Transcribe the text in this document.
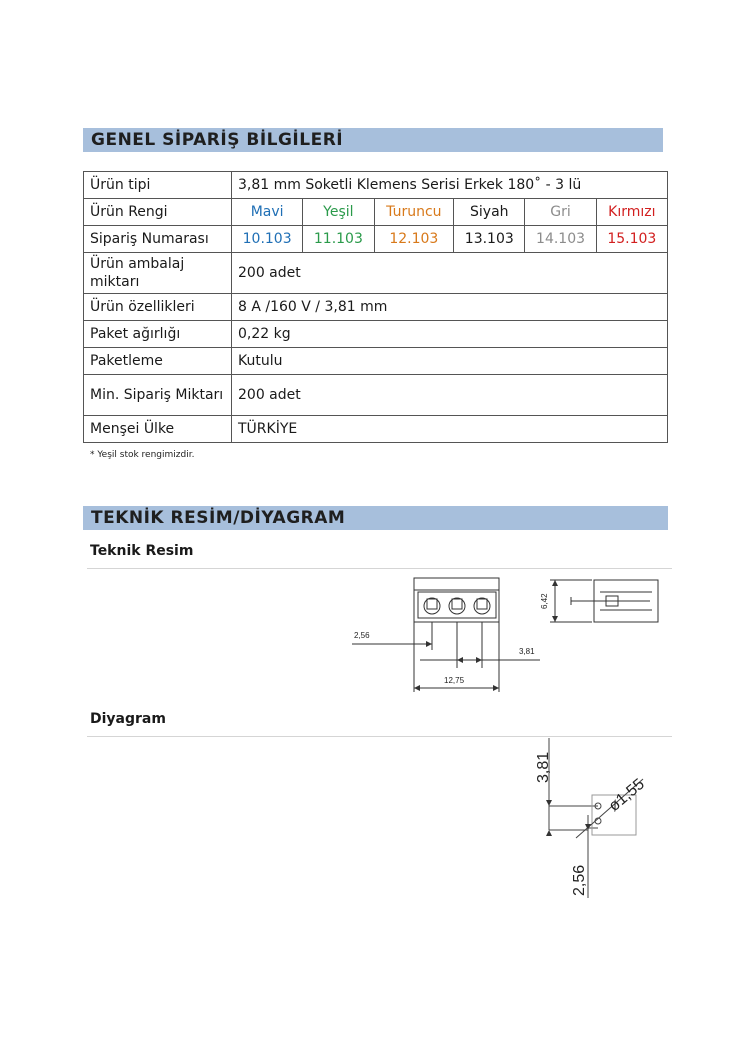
GENEL SİPARİŞ BİLGİLERİ
Ürün tipi	3,81 mm Soketli Klemens Serisi Erkek 180˚ - 3 lü					
Ürün Rengi	Mavi	Yeşil	Turuncu	Siyah	Gri	Kırmızı
Sipariş Numarası	10.103	11.103	12.103	13.103	14.103	15.103
Ürün ambalaj miktarı	200 adet					
Ürün özellikleri	8 A /160 V / 3,81 mm					
Paket ağırlığı	0,22 kg					
Paketleme	Kutulu					
Min. Sipariş Miktarı	200 adet					
Menşei Ülke	TÜRKİYE					
* Yeşil stok rengimizdir.
TEKNİK RESİM/DİYAGRAM
Teknik Resim
2,56
3,81
12,75
6,42
Diyagram
3,81
ø1,55
2,56
